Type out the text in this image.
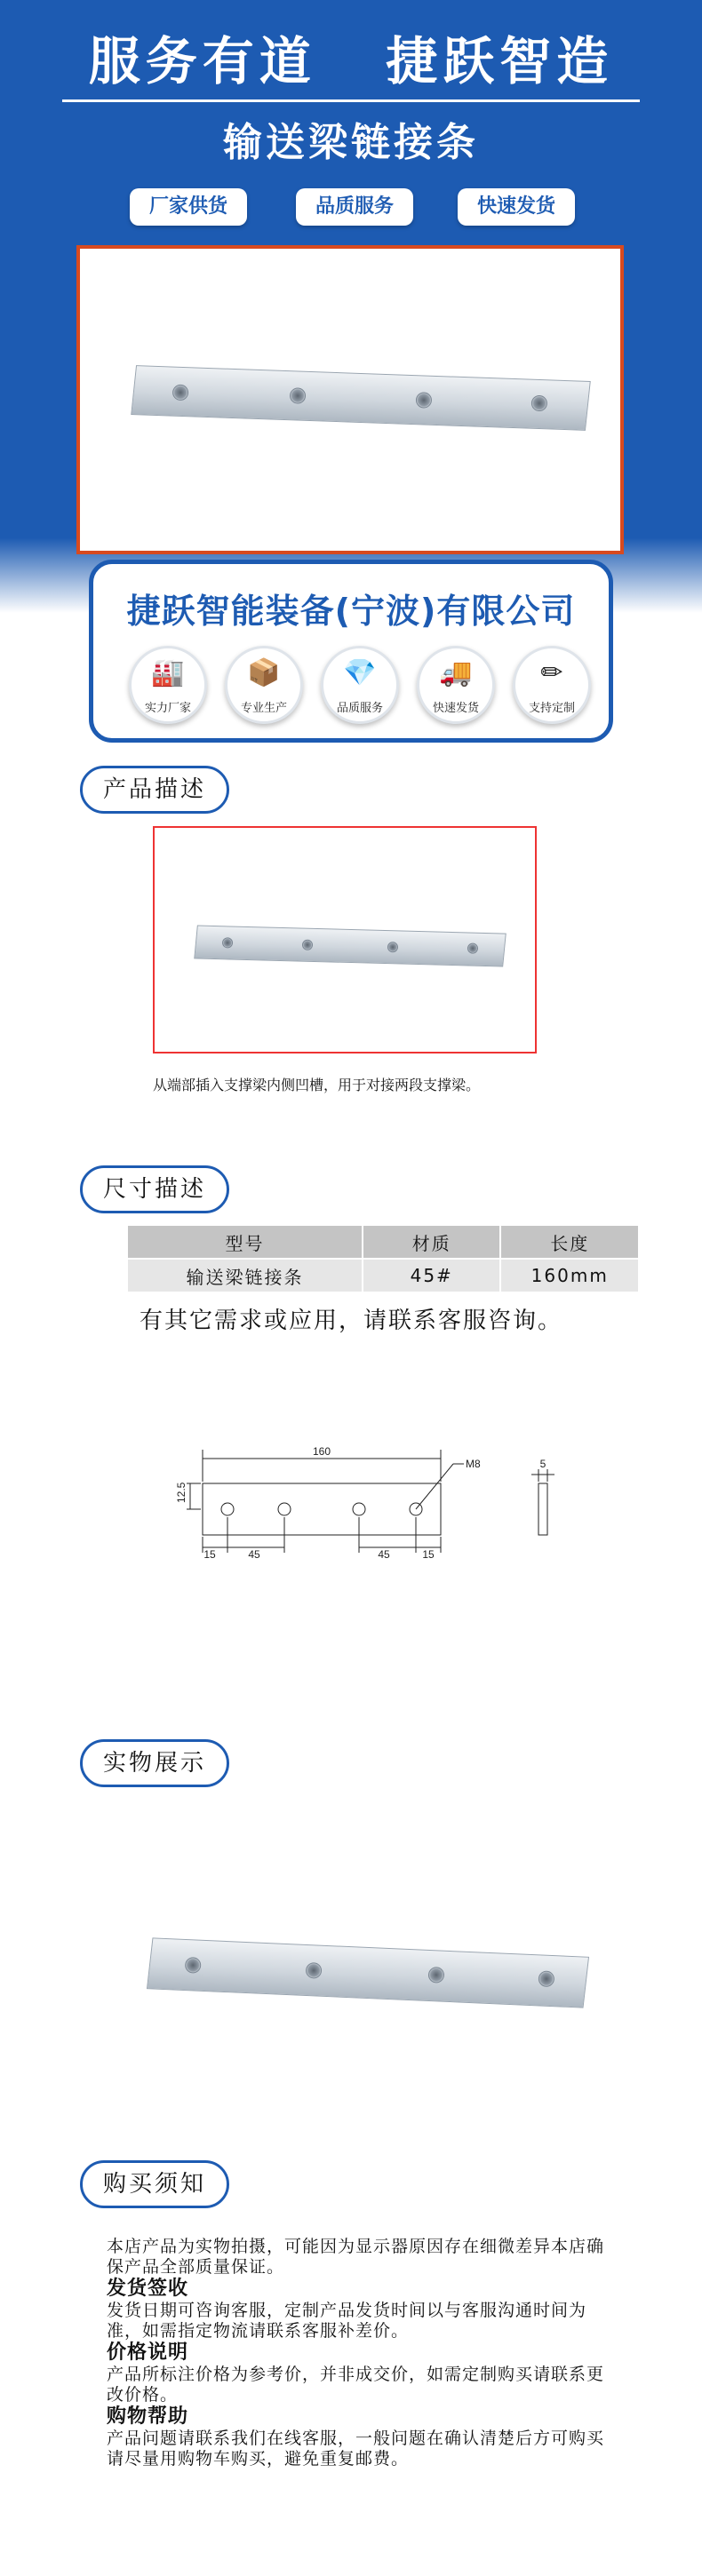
服务有道 捷跃智造
输送梁链接条
厂家供货	品质服务	快速发货
捷跃智能装备(宁波)有限公司
🏭
实力厂家
📦
专业生产
💎
品质服务
🚚
快速发货
✏
支持定制
产品描述
从端部插入支撑梁内侧凹槽，用于对接两段支撑梁。
尺寸描述
型号	材质	长度
输送梁链接条	45#	160mm
有其它需求或应用，请联系客服咨询。
160
M8
12.5
15	45	45	15
5
实物展示
购买须知

本店产品为实物拍摄，可能因为显示器原因存在细微差异本店确保产品全部质量保证。

发货签收

发货日期可咨询客服，定制产品发货时间以与客服沟通时间为准，如需指定物流请联系客服补差价。

价格说明

产品所标注价格为参考价，并非成交价，如需定制购买请联系更改价格。

购物帮助

产品问题请联系我们在线客服，一般问题在确认清楚后方可购买请尽量用购物车购买，避免重复邮费。
